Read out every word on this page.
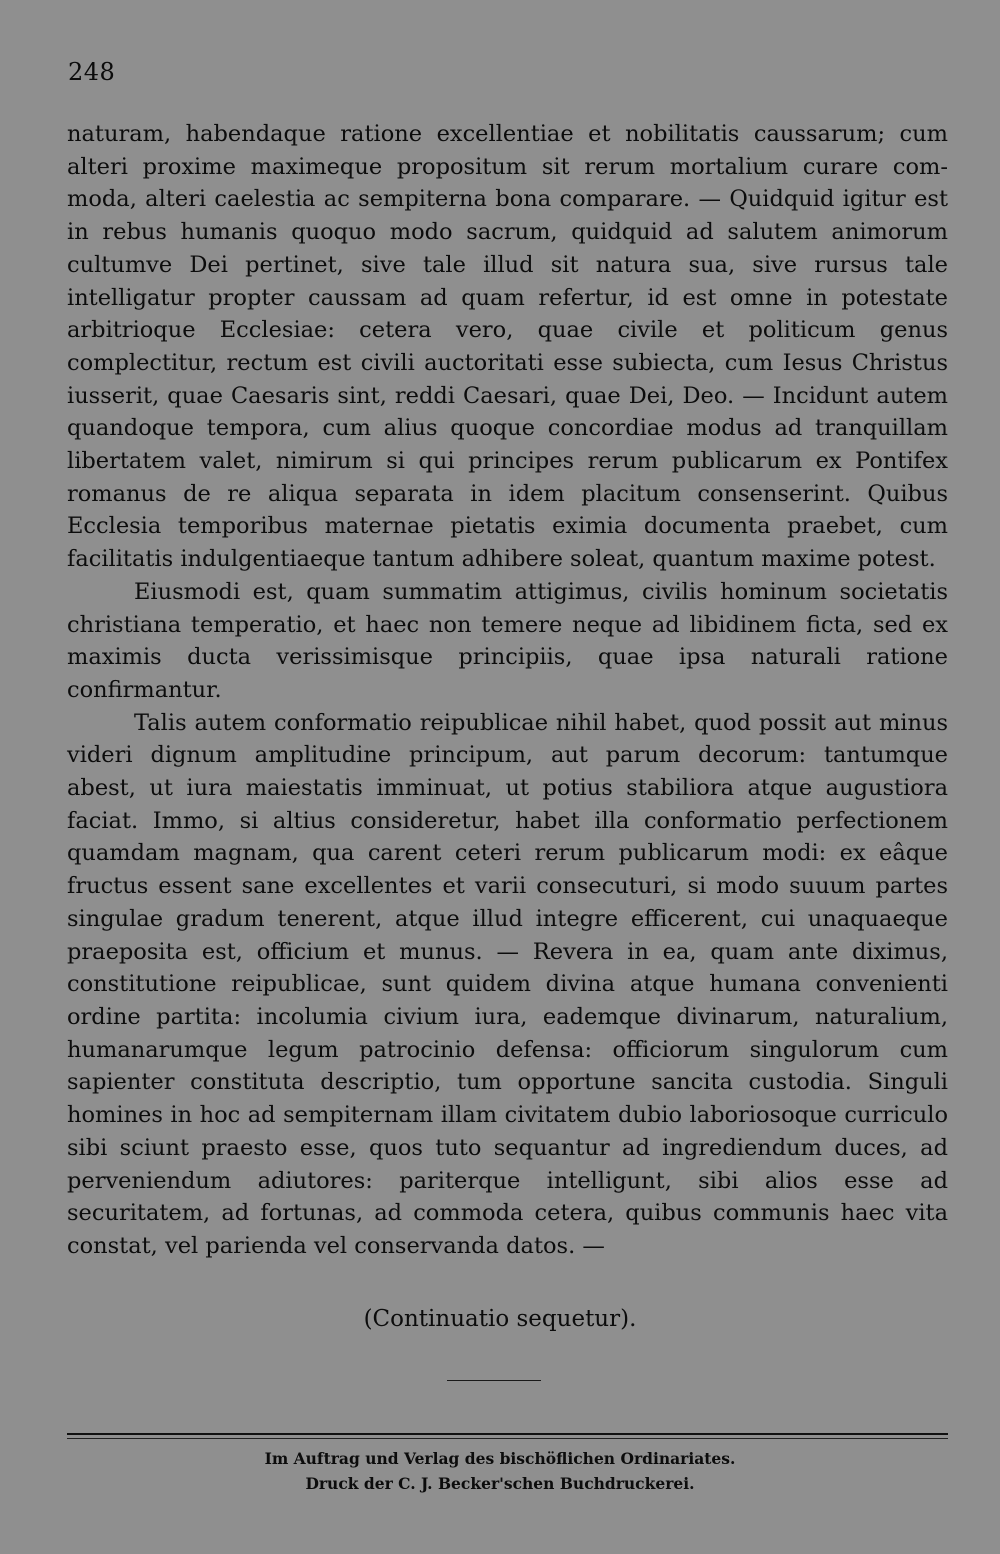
248

naturam, habendaque ratione excellentiae et nobilitatis caussarum; cum alteri proxime maximeque propositum sit rerum mortalium curare commoda, alteri caelestia ac sempiterna bona comparare. — Quidquid igitur est in rebus humanis quoquo modo sacrum, quidquid ad salutem animorum cultumve Dei pertinet, sive tale illud sit natura sua, sive rursus tale intelligatur propter caussam ad quam refertur, id est omne in potestate arbitrioque Ecclesiae: cetera vero, quae civile et politicum genus complectitur, rectum est civili auctoritati esse subiecta, cum Iesus Christus iusserit, quae Caesaris sint, reddi Caesari, quae Dei, Deo. — Incidunt autem quandoque tempora, cum alius quoque concordiae modus ad tranquillam libertatem valet, nimirum si qui principes rerum publicarum ex Pontifex romanus de re aliqua separata in idem placitum consenserint. Quibus Ecclesia temporibus maternae pietatis eximia documenta praebet, cum facilitatis indulgentiaeque tantum adhibere soleat, quantum maxime potest.

Eiusmodi est, quam summatim attigimus, civilis hominum societatis christiana temperatio, et haec non temere neque ad libidinem ficta, sed ex maximis ducta verissimisque principiis, quae ipsa naturali ratione confirmantur.

Talis autem conformatio reipublicae nihil habet, quod possit aut minus videri dignum amplitudine principum, aut parum decorum: tantumque abest, ut iura maiestatis imminuat, ut potius stabiliora atque augustiora faciat. Immo, si altius consideretur, habet illa conformatio perfectionem quamdam magnam, qua carent ceteri rerum publicarum modi: ex eâque fructus essent sane excellentes et varii consecuturi, si modo suuum partes singulae gradum tenerent, atque illud integre efficerent, cui unaquaeque praeposita est, officium et munus. — Revera in ea, quam ante diximus, constitutione reipublicae, sunt quidem divina atque humana convenienti ordine partita: incolumia civium iura, eademque divinarum, naturalium, humanarumque legum patrocinio defensa: officiorum singulorum cum sapienter constituta descriptio, tum opportune sancita custodia. Singuli homines in hoc ad sempiternam illam civitatem dubio laboriosoque curriculo sibi sciunt praesto esse, quos tuto sequantur ad ingrediendum duces, ad perveniendum adiutores: pariterque intelligunt, sibi alios esse ad securitatem, ad fortunas, ad commoda cetera, quibus communis haec vita constat, vel parienda vel conservanda datos. —

(Continuatio sequetur).
Im Auftrag und Verlag des bischöflichen Ordinariates.
Druck der C. J. Becker'schen Buchdruckerei.
